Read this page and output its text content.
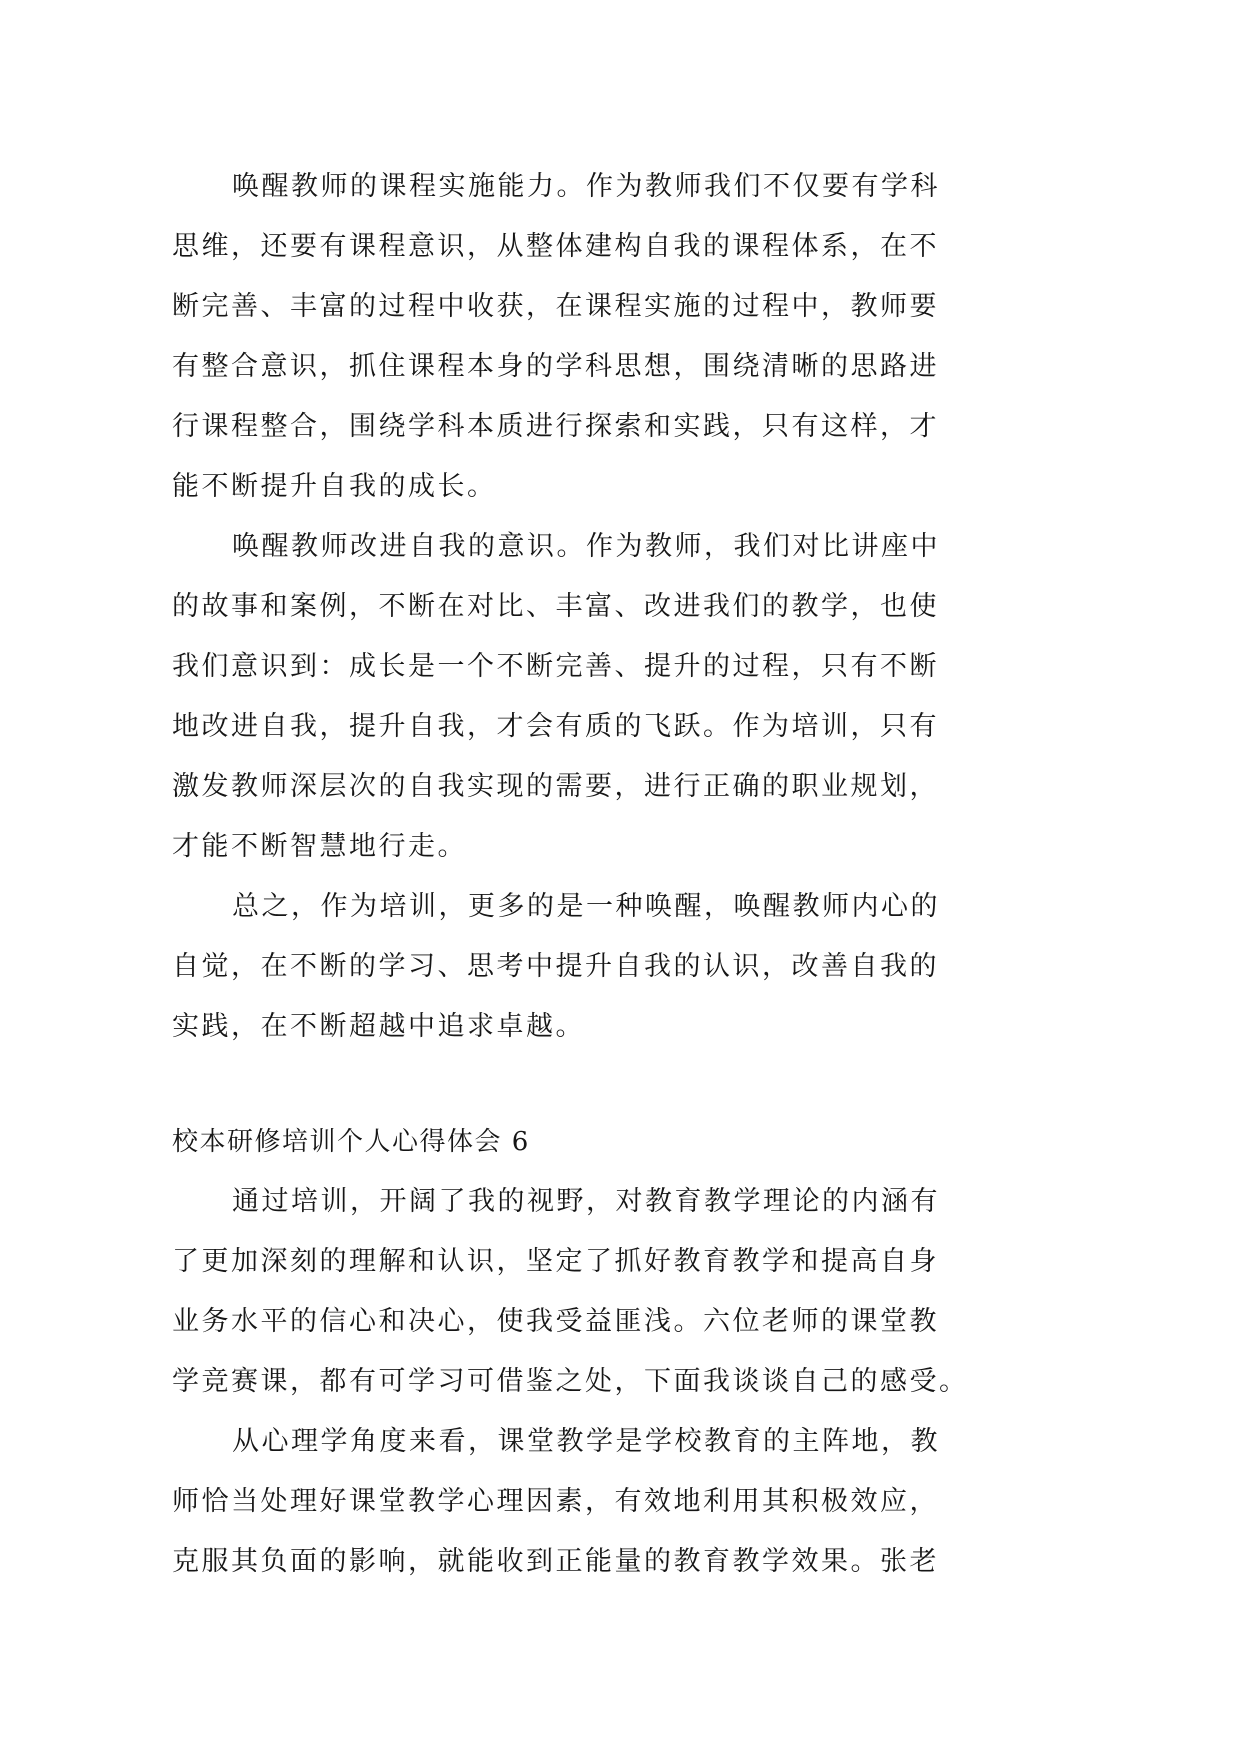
唤醒教师的课程实施能力。作为教师我们不仅要有学科
思维，还要有课程意识，从整体建构自我的课程体系，在不
断完善、丰富的过程中收获，在课程实施的过程中，教师要
有整合意识，抓住课程本身的学科思想，围绕清晰的思路进
行课程整合，围绕学科本质进行探索和实践，只有这样，才
能不断提升自我的成长。
唤醒教师改进自我的意识。作为教师，我们对比讲座中
的故事和案例，不断在对比、丰富、改进我们的教学，也使
我们意识到：成长是一个不断完善、提升的过程，只有不断
地改进自我，提升自我，才会有质的飞跃。作为培训，只有
激发教师深层次的自我实现的需要，进行正确的职业规划，
才能不断智慧地行走。
总之，作为培训，更多的是一种唤醒，唤醒教师内心的
自觉，在不断的学习、思考中提升自我的认识，改善自我的
实践，在不断超越中追求卓越。
校本研修培训个人心得体会 6
通过培训，开阔了我的视野，对教育教学理论的内涵有
了更加深刻的理解和认识，坚定了抓好教育教学和提高自身
业务水平的信心和决心，使我受益匪浅。六位老师的课堂教
学竞赛课，都有可学习可借鉴之处，下面我谈谈自己的感受。
从心理学角度来看，课堂教学是学校教育的主阵地，教
师恰当处理好课堂教学心理因素，有效地利用其积极效应，
克服其负面的影响，就能收到正能量的教育教学效果。张老
